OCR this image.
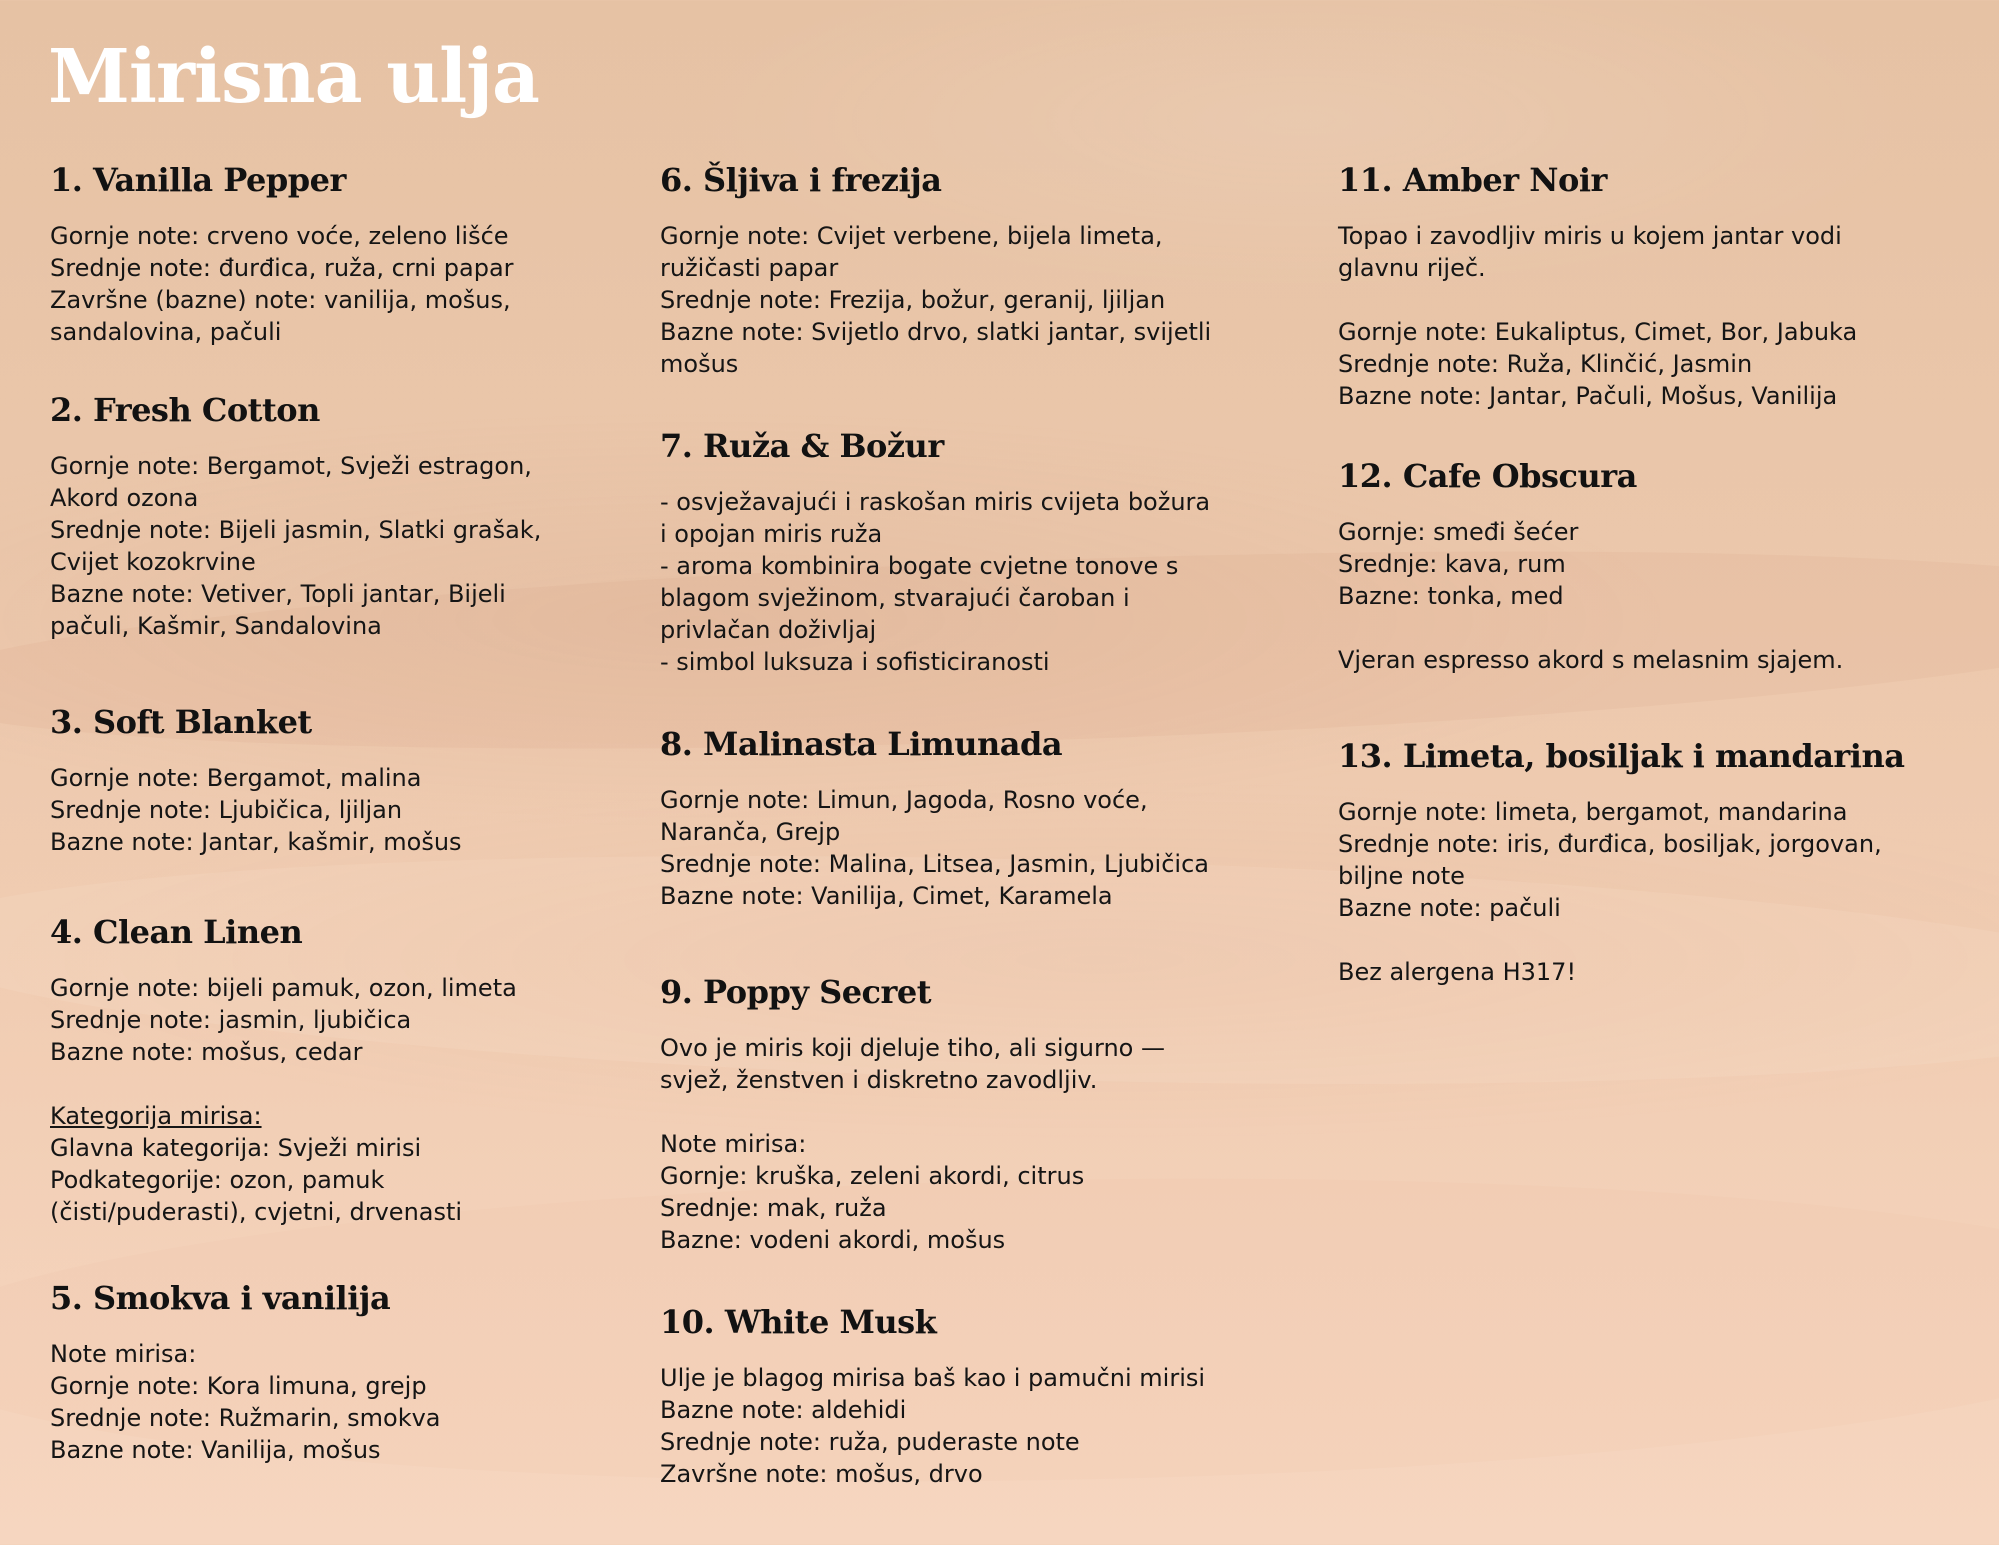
Mirisna ulja
1. Vanilla Pepper

Gornje note: crveno voće, zeleno lišće

Srednje note: đurđica, ruža, crni papar

Završne (bazne) note: vanilija, mošus,

sandalovina, pačuli

2. Fresh Cotton

Gornje note: Bergamot, Svježi estragon,

Akord ozona

Srednje note: Bijeli jasmin, Slatki grašak,

Cvijet kozokrvine

Bazne note: Vetiver, Topli jantar, Bijeli

pačuli, Kašmir, Sandalovina

3. Soft Blanket

Gornje note: Bergamot, malina

Srednje note: Ljubičica, ljiljan

Bazne note: Jantar, kašmir, mošus

4. Clean Linen

Gornje note: bijeli pamuk, ozon, limeta

Srednje note: jasmin, ljubičica

Bazne note: mošus, cedar

Kategorija mirisa:

Glavna kategorija: Svježi mirisi

Podkategorije: ozon, pamuk

(čisti/puderasti), cvjetni, drvenasti

5. Smokva i vanilija

Note mirisa:

Gornje note: Kora limuna, grejp

Srednje note: Ružmarin, smokva

Bazne note: Vanilija, mošus

6. Šljiva i frezija

Gornje note: Cvijet verbene, bijela limeta,

ružičasti papar

Srednje note: Frezija, božur, geranij, ljiljan

Bazne note: Svijetlo drvo, slatki jantar, svijetli

mošus

7. Ruža & Božur

- osvježavajući i raskošan miris cvijeta božura

i opojan miris ruža

- aroma kombinira bogate cvjetne tonove s

blagom svježinom, stvarajući čaroban i

privlačan doživljaj

- simbol luksuza i sofisticiranosti

8. Malinasta Limunada

Gornje note: Limun, Jagoda, Rosno voće,

Naranča, Grejp

Srednje note: Malina, Litsea, Jasmin, Ljubičica

Bazne note: Vanilija, Cimet, Karamela

9. Poppy Secret

Ovo je miris koji djeluje tiho, ali sigurno —

svjež, ženstven i diskretno zavodljiv.

Note mirisa:

Gornje: kruška, zeleni akordi, citrus

Srednje: mak, ruža

Bazne: vodeni akordi, mošus

10. White Musk

Ulje je blagog mirisa baš kao i pamučni mirisi

Bazne note: aldehidi

Srednje note: ruža, puderaste note

Završne note: mošus, drvo

11. Amber Noir

Topao i zavodljiv miris u kojem jantar vodi

glavnu riječ.

Gornje note: Eukaliptus, Cimet, Bor, Jabuka

Srednje note: Ruža, Klinčić, Jasmin

Bazne note: Jantar, Pačuli, Mošus, Vanilija

12. Cafe Obscura

Gornje: smeđi šećer

Srednje: kava, rum

Bazne: tonka, med

Vjeran espresso akord s melasnim sjajem.

13. Limeta, bosiljak i mandarina

Gornje note: limeta, bergamot, mandarina

Srednje note: iris, đurđica, bosiljak, jorgovan,

biljne note

Bazne note: pačuli

Bez alergena H317!
